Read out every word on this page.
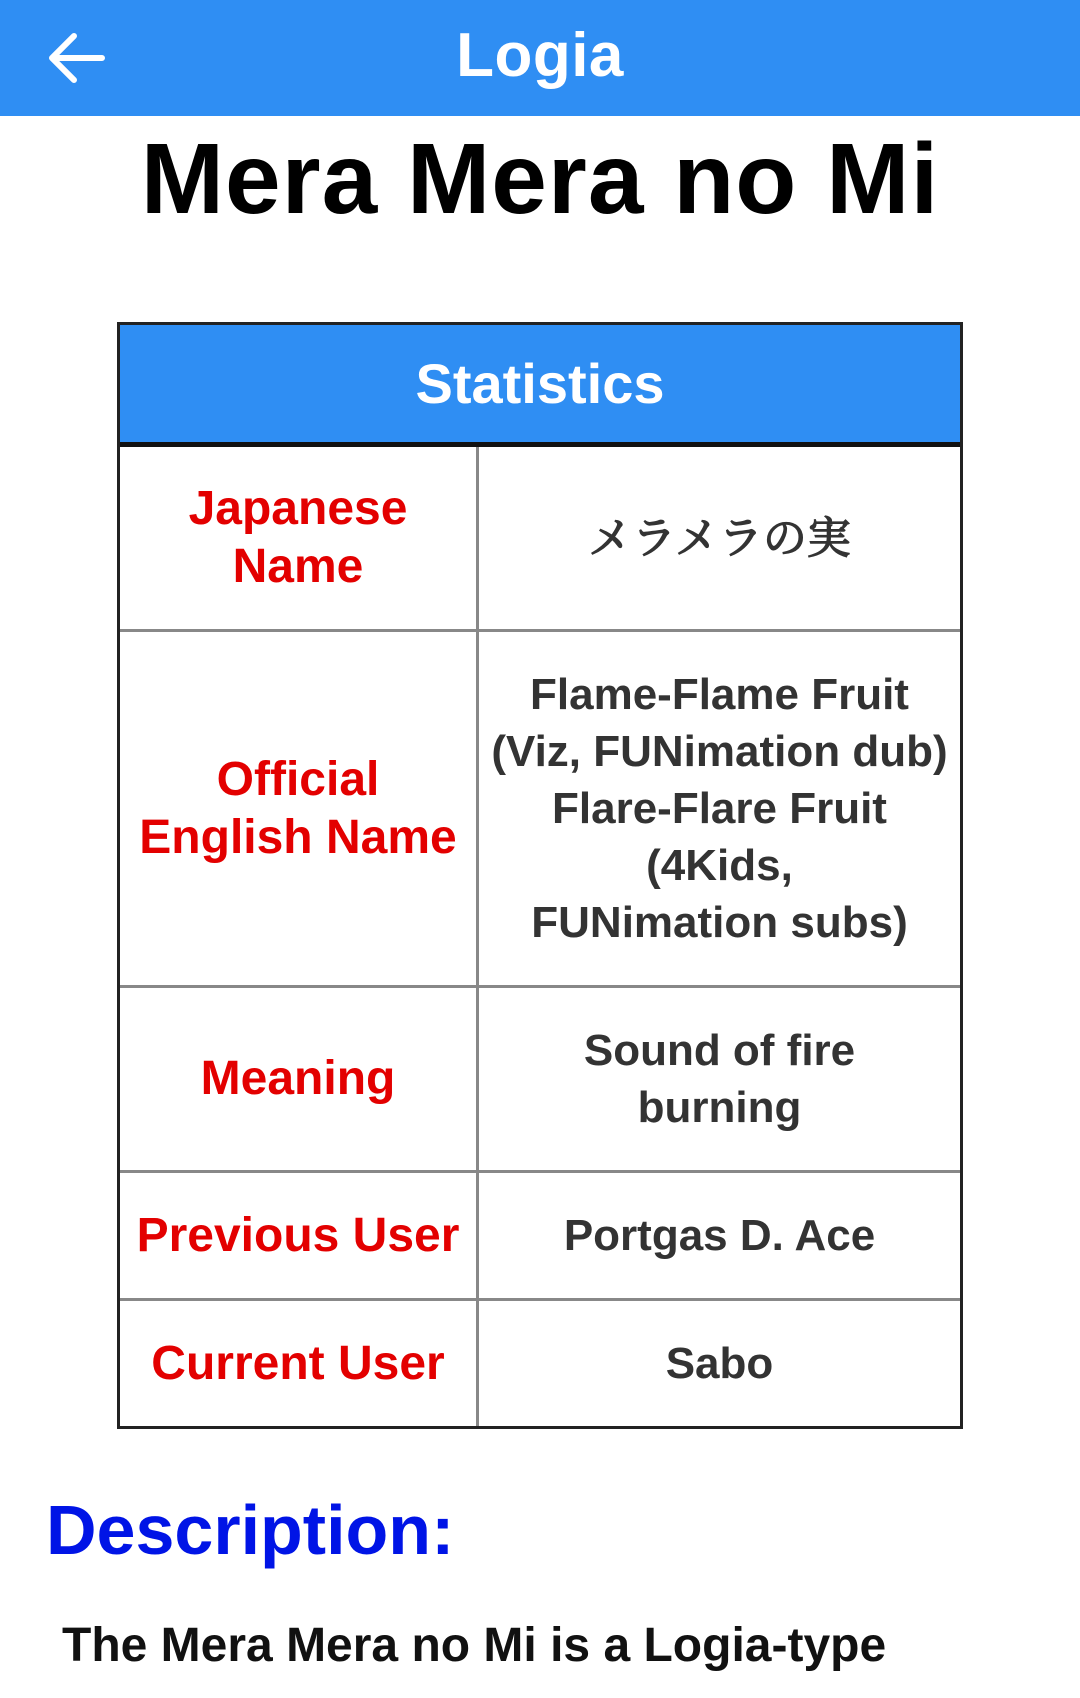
Logia
Mera Mera no Mi
Statistics
Japanese
Name
メラメラの実
Official
English Name
Flame-Flame Fruit
(Viz, FUNimation dub)
Flare-Flare Fruit
(4Kids,
FUNimation subs)
Meaning
Sound of fire
burning
Previous User Portgas D. Ace
Current User	Sabo
Description:
The Mera Mera no Mi is a Logia-type
